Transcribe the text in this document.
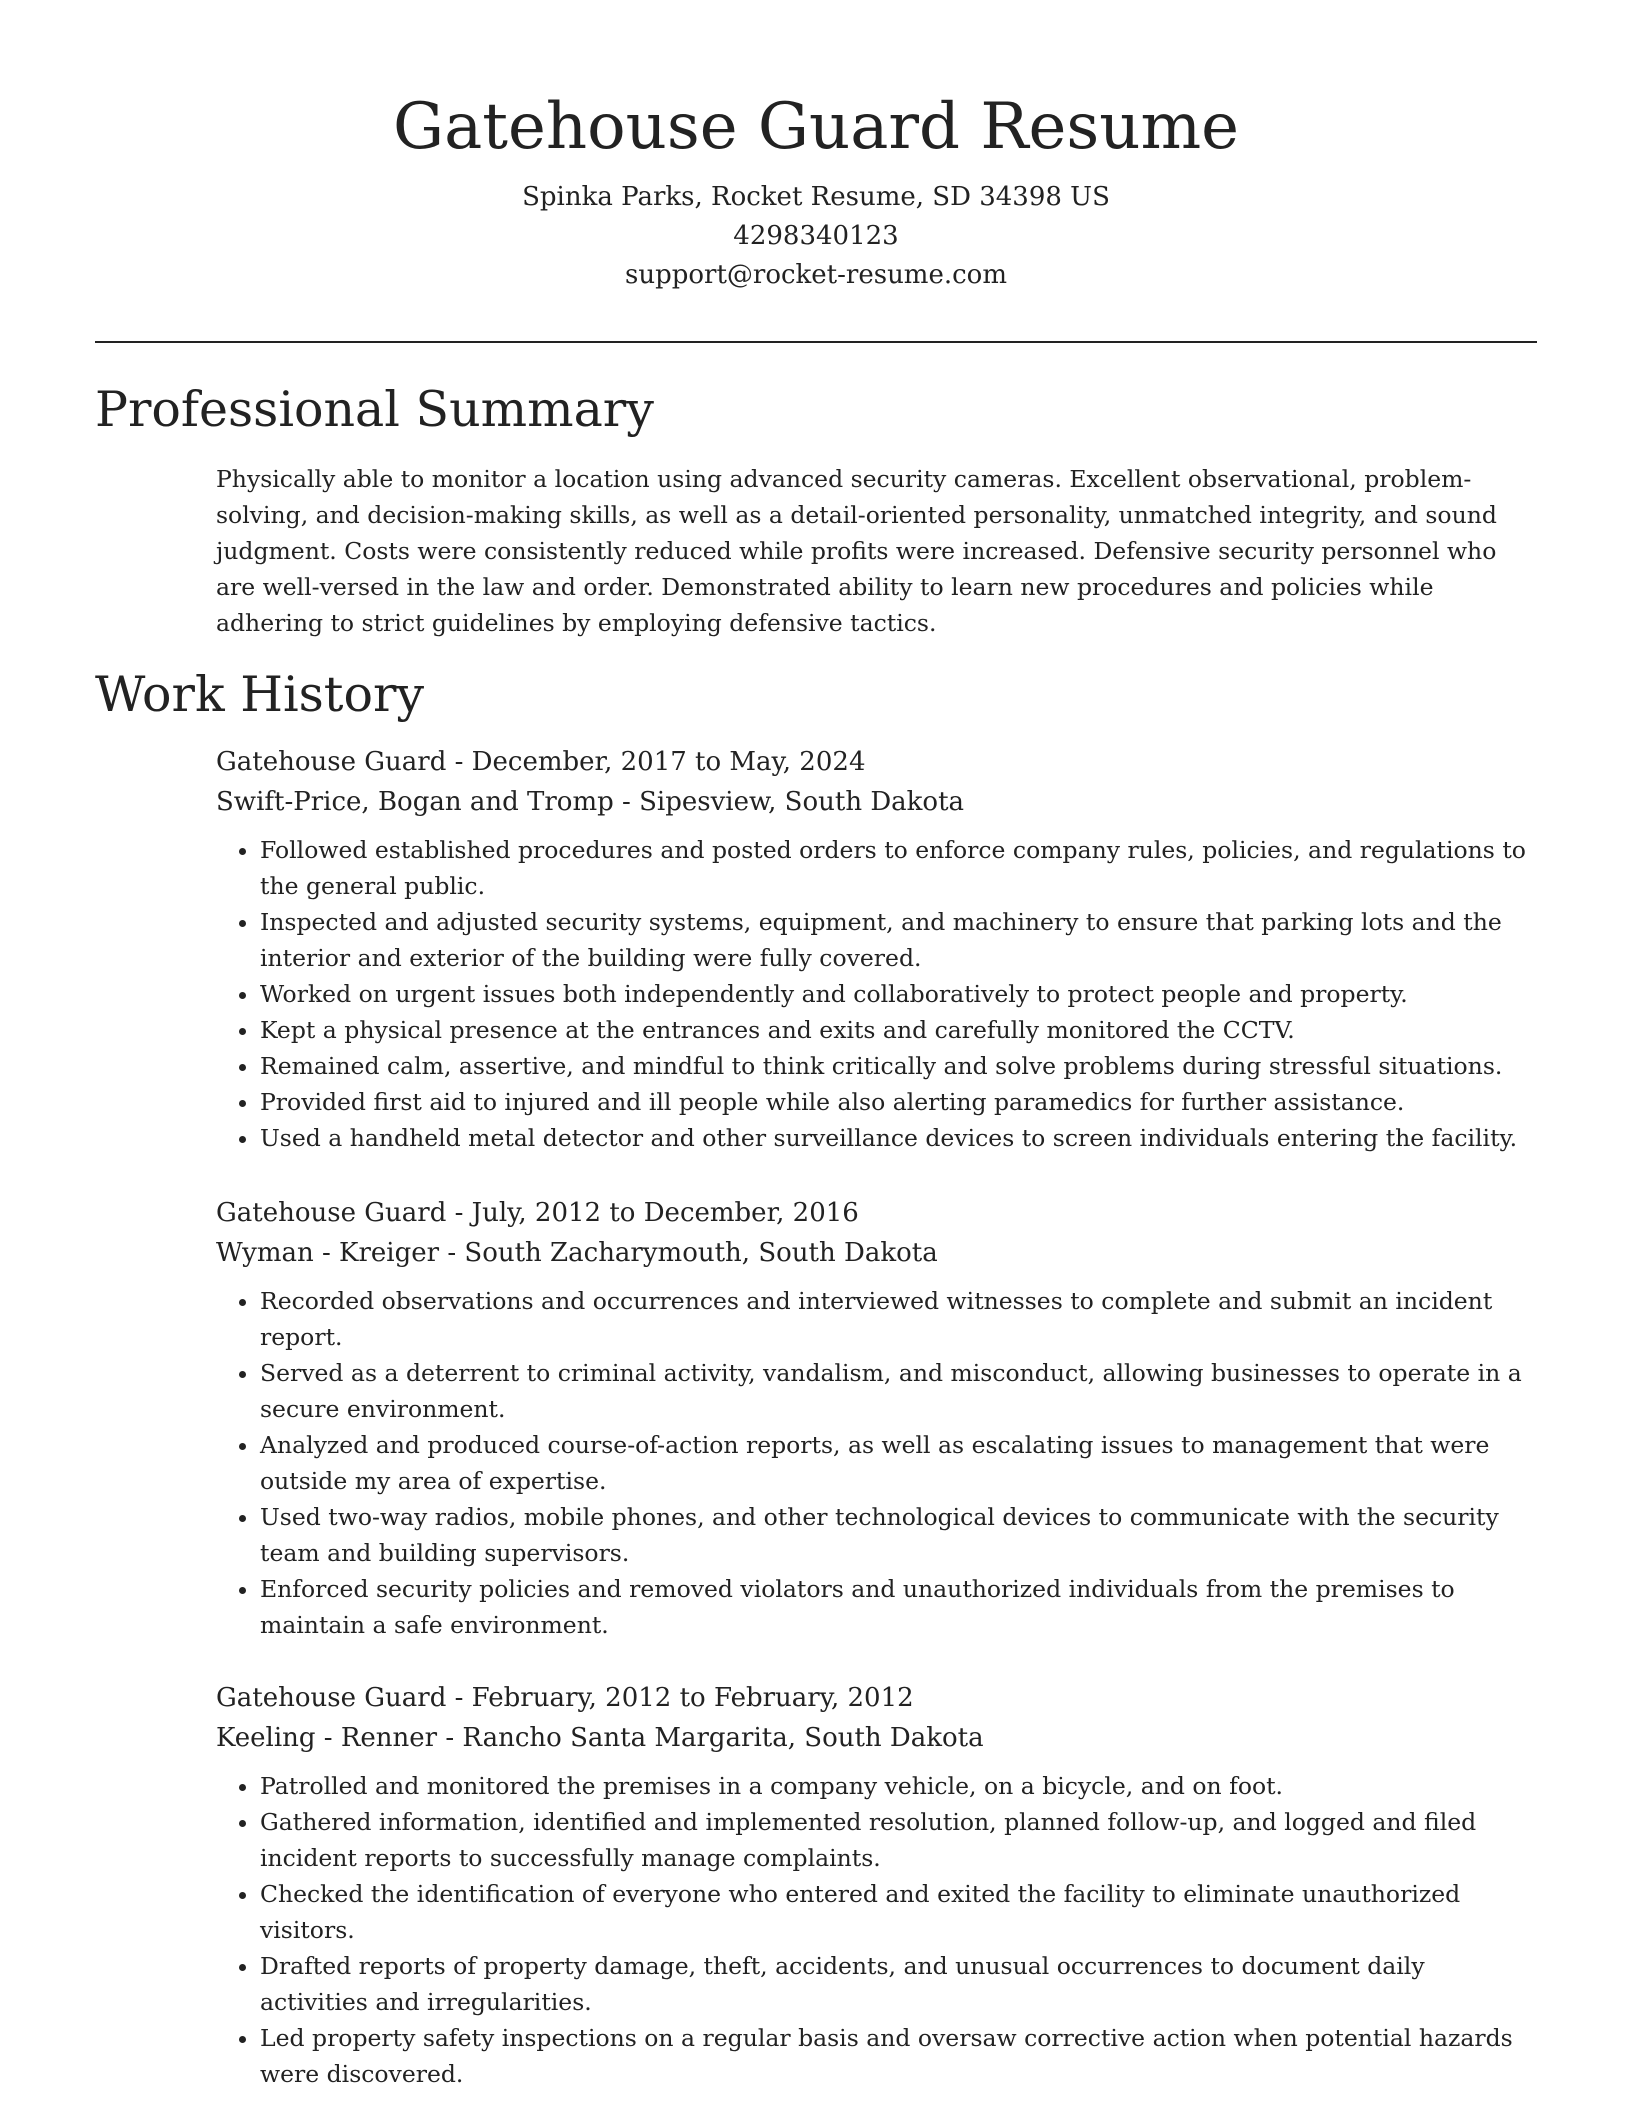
Gatehouse Guard Resume
Spinka Parks, Rocket Resume, SD 34398 US
4298340123
support@rocket-resume.com
Professional Summary

Physically able to monitor a location using advanced security cameras. Excellent observational, problem-solving, and decision-making skills, as well as a detail-oriented personality, unmatched integrity, and sound judgment. Costs were consistently reduced while profits were increased. Defensive security personnel who are well-versed in the law and order. Demonstrated ability to learn new procedures and policies while adhering to strict guidelines by employing defensive tactics.

Work History
Gatehouse Guard - December, 2017 to May, 2024
Swift-Price, Bogan and Tromp - Sipesview, South Dakota
• Followed established procedures and posted orders to enforce company rules, policies, and regulations to the general public.
• Inspected and adjusted security systems, equipment, and machinery to ensure that parking lots and the interior and exterior of the building were fully covered.
• Worked on urgent issues both independently and collaboratively to protect people and property.
• Kept a physical presence at the entrances and exits and carefully monitored the CCTV.
• Remained calm, assertive, and mindful to think critically and solve problems during stressful situations.
• Provided first aid to injured and ill people while also alerting paramedics for further assistance.
• Used a handheld metal detector and other surveillance devices to screen individuals entering the facility.
Gatehouse Guard - July, 2012 to December, 2016
Wyman - Kreiger - South Zacharymouth, South Dakota
• Recorded observations and occurrences and interviewed witnesses to complete and submit an incident report.
• Served as a deterrent to criminal activity, vandalism, and misconduct, allowing businesses to operate in a secure environment.
• Analyzed and produced course-of-action reports, as well as escalating issues to management that were outside my area of expertise.
• Used two-way radios, mobile phones, and other technological devices to communicate with the security team and building supervisors.
• Enforced security policies and removed violators and unauthorized individuals from the premises to maintain a safe environment.
Gatehouse Guard - February, 2012 to February, 2012
Keeling - Renner - Rancho Santa Margarita, South Dakota
• Patrolled and monitored the premises in a company vehicle, on a bicycle, and on foot.
• Gathered information, identified and implemented resolution, planned follow-up, and logged and filed incident reports to successfully manage complaints.
• Checked the identification of everyone who entered and exited the facility to eliminate unauthorized visitors.
• Drafted reports of property damage, theft, accidents, and unusual occurrences to document daily activities and irregularities.
• Led property safety inspections on a regular basis and oversaw corrective action when potential hazards were discovered.
